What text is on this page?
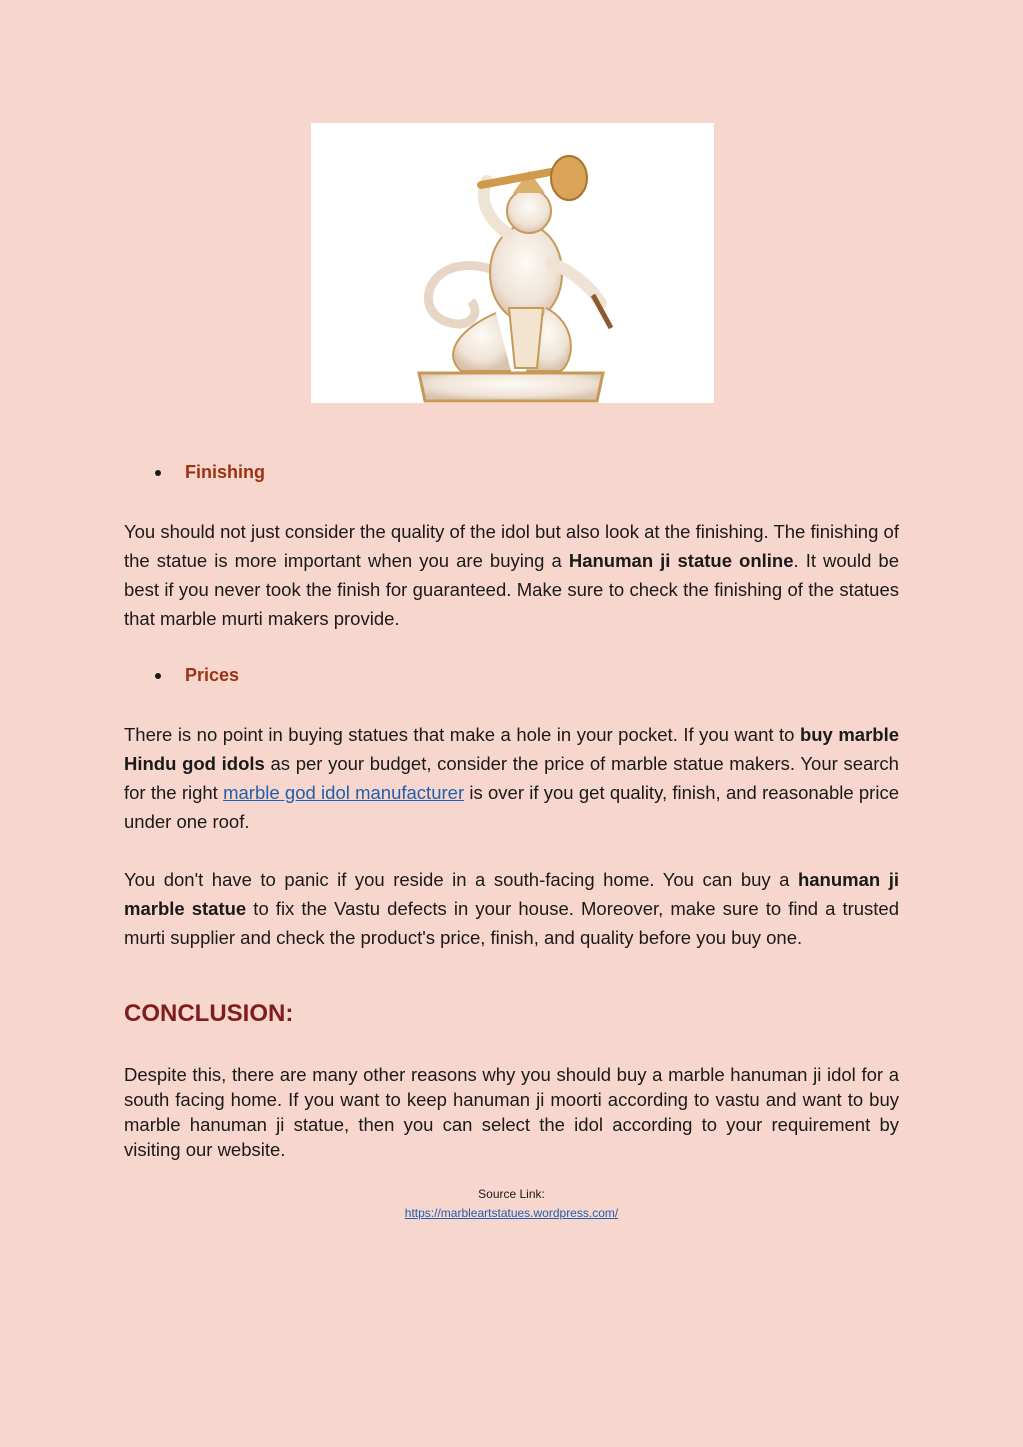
Finishing

You should not just consider the quality of the idol but also look at the finishing. The finishing of the statue is more important when you are buying a Hanuman ji statue online. It would be best if you never took the finish for guaranteed. Make sure to check the finishing of the statues that marble murti makers provide.

Prices

There is no point in buying statues that make a hole in your pocket. If you want to buy marble Hindu god idols as per your budget, consider the price of marble statue makers. Your search for the right marble god idol manufacturer is over if you get quality, finish, and reasonable price under one roof.

You don't have to panic if you reside in a south-facing home. You can buy a hanuman ji marble statue to fix the Vastu defects in your house. Moreover, make sure to find a trusted murti supplier and check the product's price, finish, and quality before you buy one.

CONCLUSION:

Despite this, there are many other reasons why you should buy a marble hanuman ji idol for a south facing home. If you want to keep hanuman ji moorti according to vastu and want to buy marble hanuman ji statue, then you can select the idol according to your requirement by visiting our website.

Source Link:
https://marbleartstatues.wordpress.com/
